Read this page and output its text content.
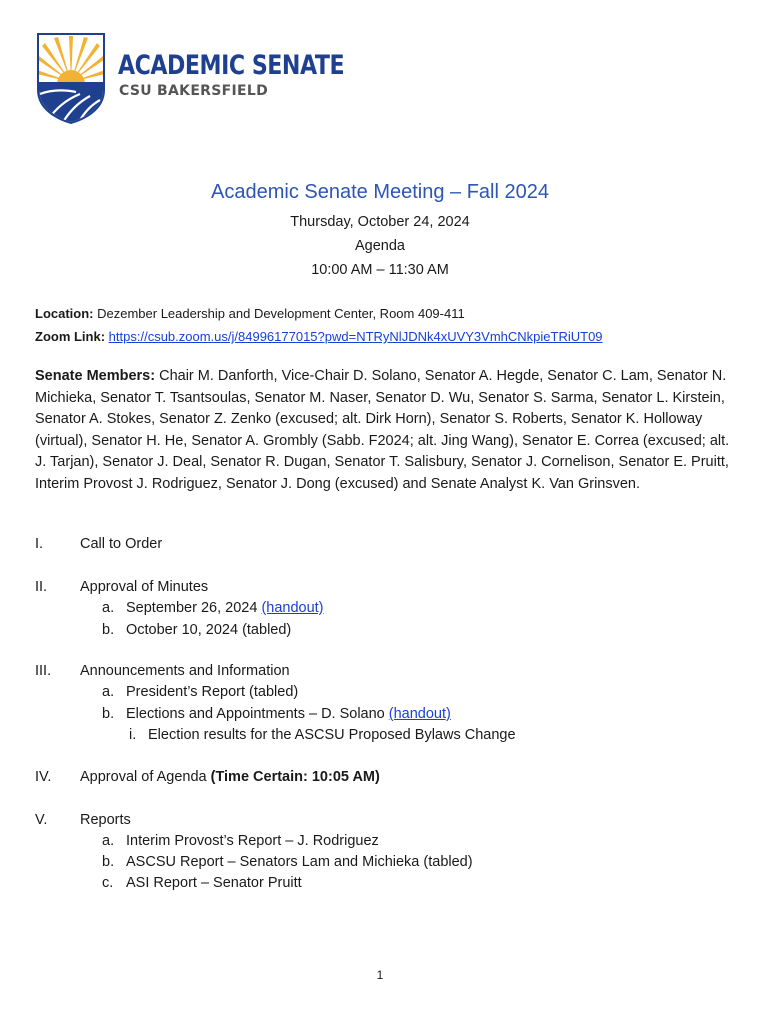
ACADEMIC SENATE
CSU BAKERSFIELD
Academic Senate Meeting – Fall 2024
Thursday, October 24, 2024
Agenda
10:00 AM – 11:30 AM
Location: Dezember Leadership and Development Center, Room 409-411
Zoom Link: https://csub.zoom.us/j/84996177015?pwd=NTRyNlJDNk4xUVY3VmhCNkpieTRiUT09
Senate Members: Chair M. Danforth, Vice-Chair D. Solano, Senator A. Hegde, Senator C. Lam, Senator N. Michieka, Senator T. Tsantsoulas, Senator M. Naser, Senator D. Wu, Senator S. Sarma, Senator L. Kirstein, Senator A. Stokes, Senator Z. Zenko (excused; alt. Dirk Horn), Senator S. Roberts, Senator K. Holloway (virtual), Senator H. He, Senator A. Grombly (Sabb. F2024; alt. Jing Wang), Senator E. Correa (excused; alt. J. Tarjan), Senator J. Deal, Senator R. Dugan, Senator T. Salisbury, Senator J. Cornelison, Senator E. Pruitt, Interim Provost J. Rodriguez, Senator J. Dong (excused) and Senate Analyst K. Van Grinsven.
I.	Call to Order
II. Approval of Minutes
a. September 26, 2024 (handout)
b. October 10, 2024 (tabled)
III. Announcements and Information
a. President’s Report (tabled)
b. Elections and Appointments – D. Solano (handout)
i. Election results for the ASCSU Proposed Bylaws Change
IV. Approval of Agenda (Time Certain: 10:05 AM)
V. Reports
a. Interim Provost’s Report – J. Rodriguez
b. ASCSU Report – Senators Lam and Michieka (tabled)
c. ASI Report – Senator Pruitt
1
